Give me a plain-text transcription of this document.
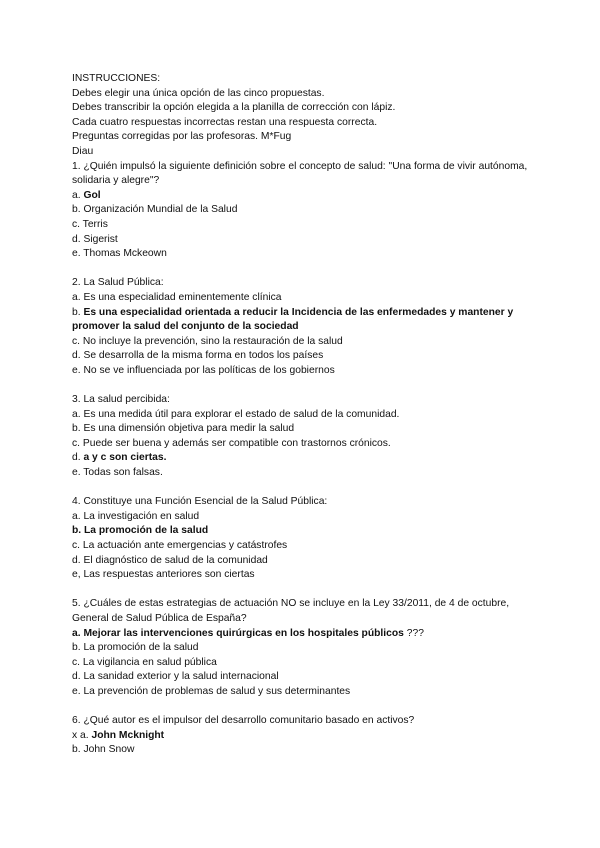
INSTRUCCIONES:
Debes elegir una única opción de las cinco propuestas.
Debes transcribir la opción elegida a la planilla de corrección con lápiz.
Cada cuatro respuestas incorrectas restan una respuesta correcta.
Preguntas corregidas por las profesoras. M*Fug
Diau
1. ¿Quién impulsó la siguiente definición sobre el concepto de salud: "Una forma de vivir autónoma, solidaria y alegre"?
a. Gol
b. Organización Mundial de la Salud
c. Terris
d. Sigerist
e. Thomas Mckeown
2. La Salud Pública:
a. Es una especialidad eminentemente clínica
b. Es una especialidad orientada a reducir la Incidencia de las enfermedades y mantener y promover la salud del conjunto de la sociedad
c. No incluye la prevención, sino la restauración de la salud
d. Se desarrolla de la misma forma en todos los países
e. No se ve influenciada por las políticas de los gobiernos
3. La salud percibida:
a. Es una medida útil para explorar el estado de salud de la comunidad.
b. Es una dimensión objetiva para medir la salud
c. Puede ser buena y además ser compatible con trastornos crónicos.
d. a y c son ciertas.
e. Todas son falsas.
4. Constituye una Función Esencial de la Salud Pública:
a. La investigación en salud
b. La promoción de la salud
c. La actuación ante emergencias y catástrofes
d. El diagnóstico de salud de la comunidad
e, Las respuestas anteriores son ciertas
5. ¿Cuáles de estas estrategias de actuación NO se incluye en la Ley 33/2011, de 4 de octubre,
General de Salud Pública de España?
a. Mejorar las intervenciones quirúrgicas en los hospitales públicos ???
b. La promoción de la salud
c. La vigilancia en salud pública
d. La sanidad exterior y la salud internacional
e. La prevención de problemas de salud y sus determinantes
6. ¿Qué autor es el impulsor del desarrollo comunitario basado en activos?
x a. John Mcknight
b. John Snow
